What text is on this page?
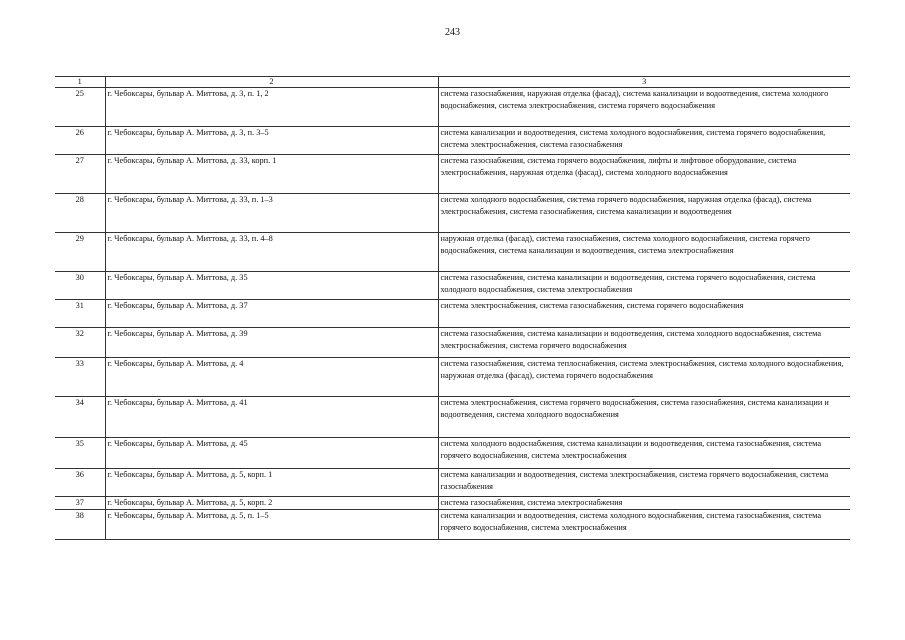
243
1	2	3
25	г. Чебоксары, бульвар А. Миттова, д. 3, п. 1, 2	система газоснабжения, наружная отделка (фасад), система канализации и водоотведения, система холодного водоснабжения, система электроснабжения, система горячего водоснабжения
26	г. Чебоксары, бульвар А. Миттова, д. 3, п. 3–5	система канализации и водоотведения, система холодного водоснабжения, система горячего водоснабжения, система электроснабжения, система газоснабжения
27	г. Чебоксары, бульвар А. Миттова, д. 33, корп. 1	система газоснабжения, система горячего водоснабжения, лифты и лифтовое оборудование, система электроснабжения, наружная отделка (фасад), система холодного водоснабжения
28	г. Чебоксары, бульвар А. Миттова, д. 33, п. 1–3	система холодного водоснабжения, система горячего водоснабжения, наружная отделка (фасад), система электроснабжения, система газоснабжения, система канализации и водоотведения
29	г. Чебоксары, бульвар А. Миттова, д. 33, п. 4–8	наружная отделка (фасад), система газоснабжения, система холодного водоснабжения, система горячего водоснабжения, система канализации и водоотведения, система электроснабжения
30	г. Чебоксары, бульвар А. Миттова, д. 35	система газоснабжения, система канализации и водоотведения, система горячего водоснабжения, система холодного водоснабжения, система электроснабжения
31	г. Чебоксары, бульвар А. Миттова, д. 37	система электроснабжения, система газоснабжения, система горячего водоснабжения
32	г. Чебоксары, бульвар А. Миттова, д. 39	система газоснабжения, система канализации и водоотведения, система холодного водоснабжения, система электроснабжения, система горячего водоснабжения
33	г. Чебоксары, бульвар А. Миттова, д. 4	система газоснабжения, система теплоснабжения, система электроснабжения, система холодного водоснабжения, наружная отделка (фасад), система горячего водоснабжения
34	г. Чебоксары, бульвар А. Миттова, д. 41	система электроснабжения, система горячего водоснабжения, система газоснабжения, система канализации и водоотведения, система холодного водоснабжения
35	г. Чебоксары, бульвар А. Миттова, д. 45	система холодного водоснабжения, система канализации и водоотведения, система газоснабжения, система горячего водоснабжения, система электроснабжения
36	г. Чебоксары, бульвар А. Миттова, д. 5, корп. 1	система канализации и водоотведения, система электроснабжения, система горячего водоснабжения, система газоснабжения
37	г. Чебоксары, бульвар А. Миттова, д. 5, корп. 2	система газоснабжения, система электроснабжения
38	г. Чебоксары, бульвар А. Миттова, д. 5, п. 1–5	система канализации и водоотведения, система холодного водоснабжения, система газоснабжения, система горячего водоснабжения, система электроснабжения
